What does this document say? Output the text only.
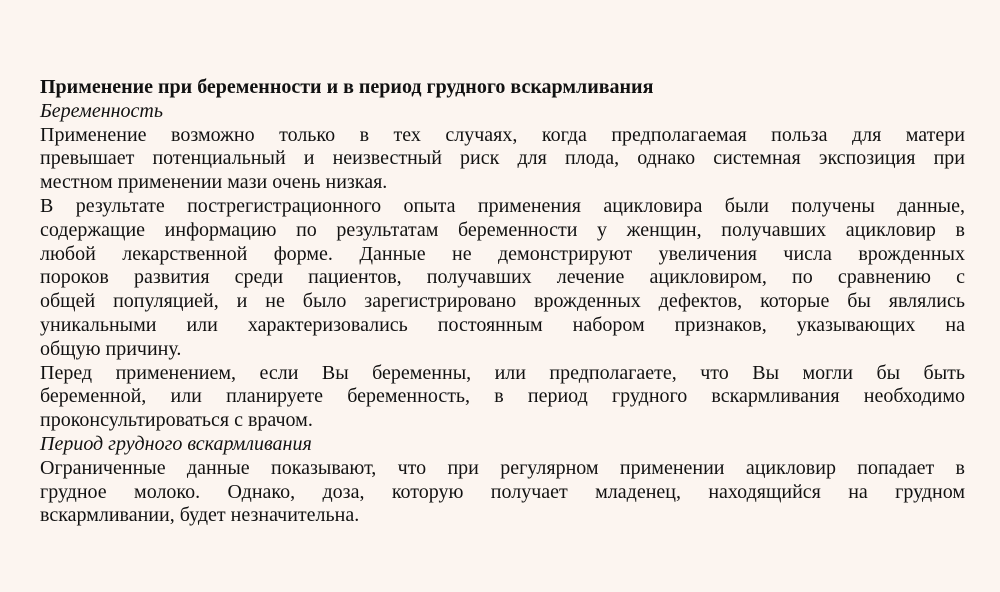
Применение при беременности и в период грудного вскармливания
Беременность
Применение возможно только в тех случаях, когда предполагаемая польза для матери
превышает потенциальный и неизвестный риск для плода, однако системная экспозиция при
местном применении мази очень низкая.
В результате пострегистрационного опыта применения ацикловира были получены данные,
содержащие информацию по результатам беременности у женщин, получавших ацикловир в
любой лекарственной форме. Данные не демонстрируют увеличения числа врожденных
пороков развития среди пациентов, получавших лечение ацикловиром, по сравнению с
общей популяцией, и не было зарегистрировано врожденных дефектов, которые бы являлись
уникальными или характеризовались постоянным набором признаков, указывающих на
общую причину.
Перед применением, если Вы беременны, или предполагаете, что Вы могли бы быть
беременной, или планируете беременность, в период грудного вскармливания необходимо
проконсультироваться с врачом.
Период грудного вскармливания
Ограниченные данные показывают, что при регулярном применении ацикловир попадает в
грудное молоко. Однако, доза, которую получает младенец, находящийся на грудном
вскармливании, будет незначительна.
